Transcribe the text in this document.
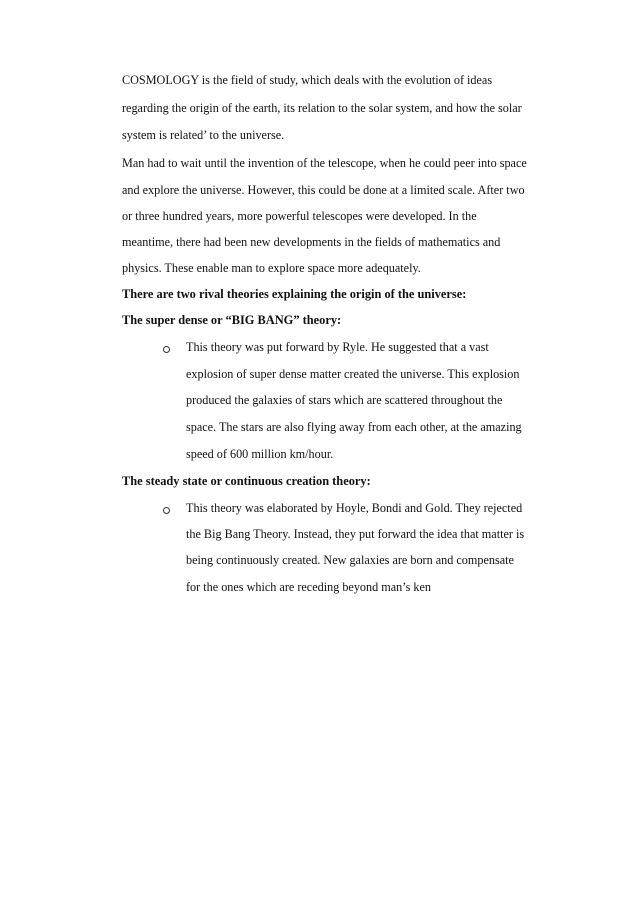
COSMOLOGY is the field of study, which deals with the evolution of ideas
regarding the origin of the earth, its relation to the solar system, and how the solar
system is related’ to the universe.
Man had to wait until the invention of the telescope, when he could peer into space
and explore the universe. However, this could be done at a limited scale. After two
or three hundred years, more powerful telescopes were developed. In the
meantime, there had been new developments in the fields of mathematics and
physics. These enable man to explore space more adequately.
There are two rival theories explaining the origin of the universe:
The super dense or “BIG BANG” theory:
This theory was put forward by Ryle. He suggested that a vast
explosion of super dense matter created the universe. This explosion
produced the galaxies of stars which are scattered throughout the
space. The stars are also flying away from each other, at the amazing
speed of 600 million km/hour.
The steady state or continuous creation theory:
This theory was elaborated by Hoyle, Bondi and Gold. They rejected
the Big Bang Theory. Instead, they put forward the idea that matter is
being continuously created. New galaxies are born and compensate
for the ones which are receding beyond man’s ken
